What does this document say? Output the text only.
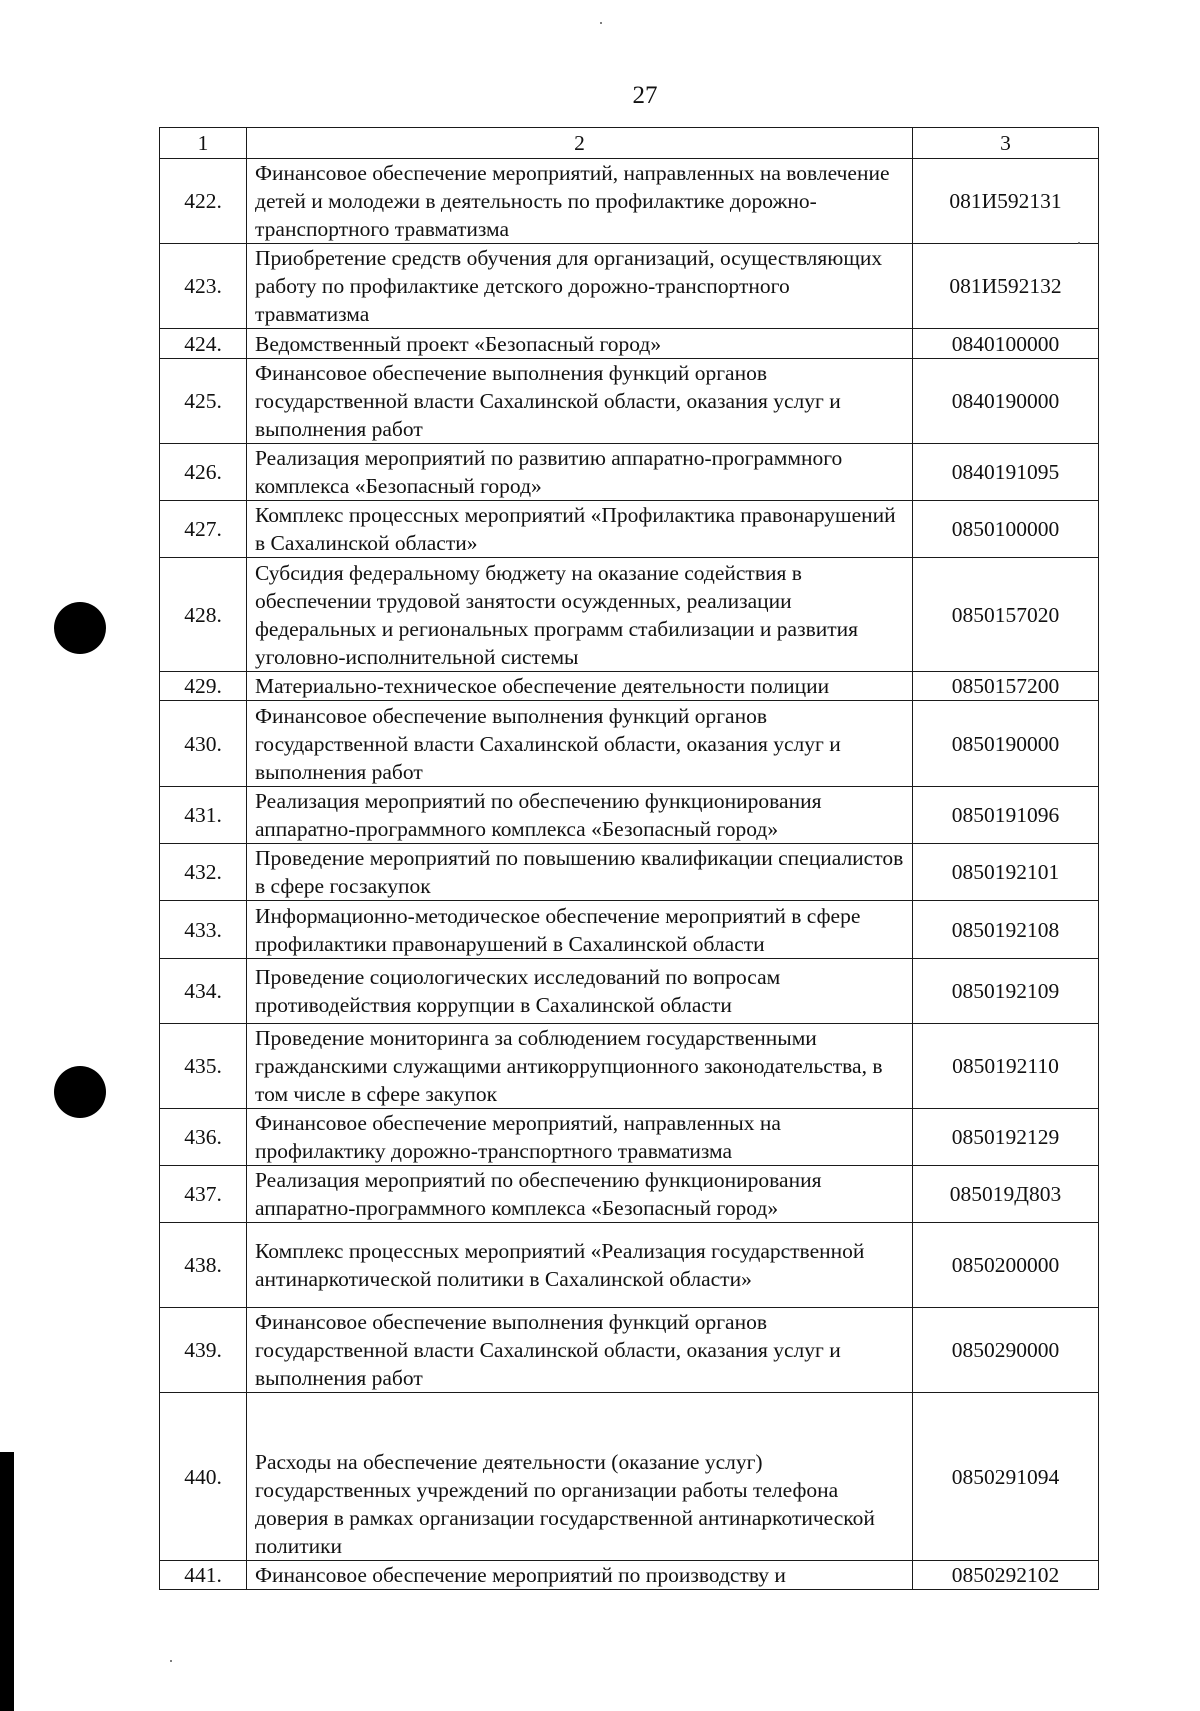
27
1	2	3
422.	Финансовое обеспечение мероприятий, направленных на вовлечение детей и молодежи в деятельность по профилактике дорожно-транспортного травматизма	081И592131
423.	Приобретение средств обучения для организаций, осуществляющих работу по профилактике детского дорожно-транспортного травматизма	081И592132
424.	Ведомственный проект «Безопасный город»	0840100000
425.	Финансовое обеспечение выполнения функций органов государственной власти Сахалинской области, оказания услуг и выполнения работ	0840190000
426.	Реализация мероприятий по развитию аппаратно-программного комплекса «Безопасный город»	0840191095
427.	Комплекс процессных мероприятий «Профилактика правонарушений в Сахалинской области»	0850100000
428.	Субсидия федеральному бюджету на оказание содействия в обеспечении трудовой занятости осужденных, реализации федеральных и региональных программ стабилизации и развития уголовно-исполнительной системы	0850157020
429.	Материально-техническое обеспечение деятельности полиции	0850157200
430.	Финансовое обеспечение выполнения функций органов государственной власти Сахалинской области, оказания услуг и выполнения работ	0850190000
431.	Реализация мероприятий по обеспечению функционирования аппаратно-программного комплекса «Безопасный город»	0850191096
432.	Проведение мероприятий по повышению квалификации специалистов в сфере госзакупок	0850192101
433.	Информационно-методическое обеспечение мероприятий в сфере профилактики правонарушений в Сахалинской области	0850192108
434.	Проведение социологических исследований по вопросам противодействия коррупции в Сахалинской области	0850192109
435.	Проведение мониторинга за соблюдением государственными гражданскими служащими антикоррупционного законодательства, в том числе в сфере закупок	0850192110
436.	Финансовое обеспечение мероприятий, направленных на профилактику дорожно-транспортного травматизма	0850192129
437.	Реализация мероприятий по обеспечению функционирования аппаратно-программного комплекса «Безопасный город»	085019Д803
438.	Комплекс процессных мероприятий «Реализация государственной антинаркотической политики в Сахалинской области»	0850200000
439.	Финансовое обеспечение выполнения функций органов государственной власти Сахалинской области, оказания услуг и выполнения работ	0850290000
440.	Расходы на обеспечение деятельности (оказание услуг) государственных учреждений по организации работы телефона доверия в рамках организации государственной антинаркотической политики	0850291094
441.	Финансовое обеспечение мероприятий по производству и	0850292102
